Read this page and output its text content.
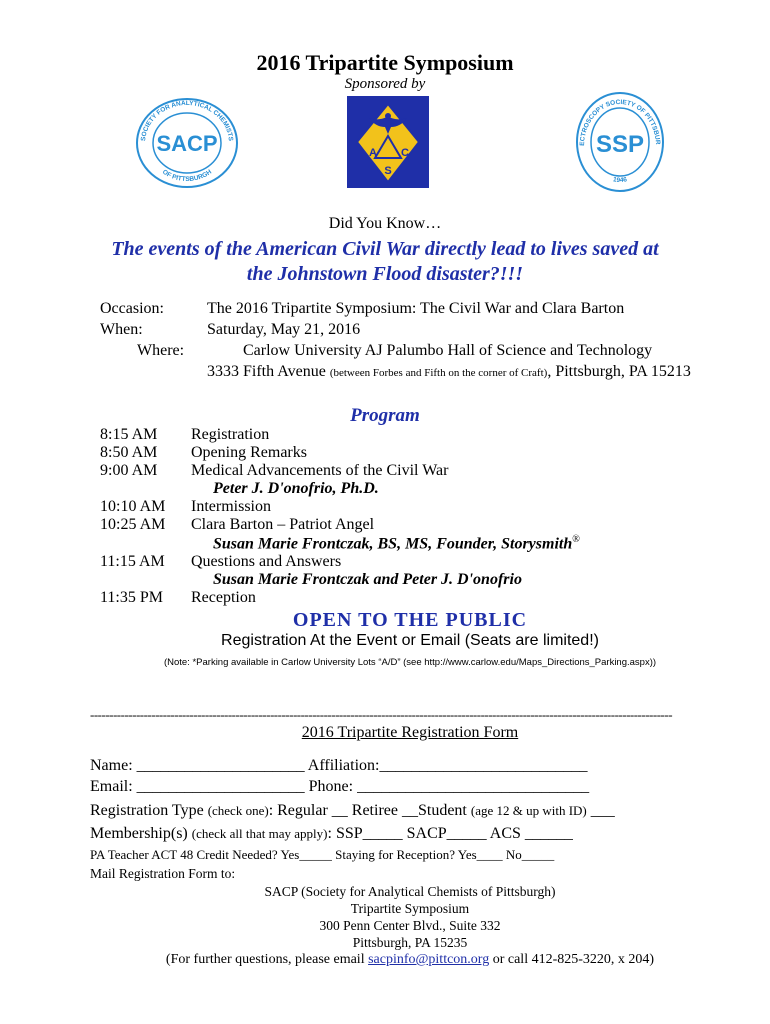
2016 Tripartite Symposium
Sponsored by
SOCIETY FOR ANALYTICAL CHEMISTS
OF PITTSBURGH
SACP	A C
S
ECTROSCOPY SOCIETY OF PITTSBUR
1946
SSP
Did You Know…
The events of the American Civil War directly lead to lives saved at
the Johnstown Flood disaster?!!!
Occasion:	The 2016 Tripartite Symposium: The Civil War and Clara Barton
When:	Saturday, May 21, 2016
Where:	Carlow University AJ Palumbo Hall of Science and Technology
3333 Fifth Avenue (between Forbes and Fifth on the corner of Craft), Pittsburgh, PA 15213
Program
8:15 AM Registration
8:50 AM Opening Remarks
9:00 AM Medical Advancements of the Civil War
Peter J. D'onofrio, Ph.D.
10:10 AM Intermission
10:25 AM Clara Barton – Patriot Angel
Susan Marie Frontczak, BS, MS, Founder, Storysmith®
11:15 AM Questions and Answers
Susan Marie Frontczak and Peter J. D'onofrio
11:35 PM Reception
OPEN TO THE PUBLIC
Registration At the Event or Email (Seats are limited!)
(Note: *Parking available in Carlow University Lots “A/D” (see http://www.carlow.edu/Maps_Directions_Parking.aspx))
--------------------------------------------------------------------------------------------------------------------------------------------------------
2016 Tripartite Registration Form
Name: _____________________ Affiliation:__________________________
Email: _____________________ Phone: _____________________________
Registration Type (check one): Regular __ Retiree __Student (age 12 & up with ID) ___
Membership(s) (check all that may apply): SSP_____ SACP_____ ACS ______
PA Teacher ACT 48 Credit Needed? Yes_____ Staying for Reception? Yes____ No_____
Mail Registration Form to:
SACP (Society for Analytical Chemists of Pittsburgh)
Tripartite Symposium
300 Penn Center Blvd., Suite 332
Pittsburgh, PA 15235
(For further questions, please email sacpinfo@pittcon.org or call 412-825-3220, x 204)
